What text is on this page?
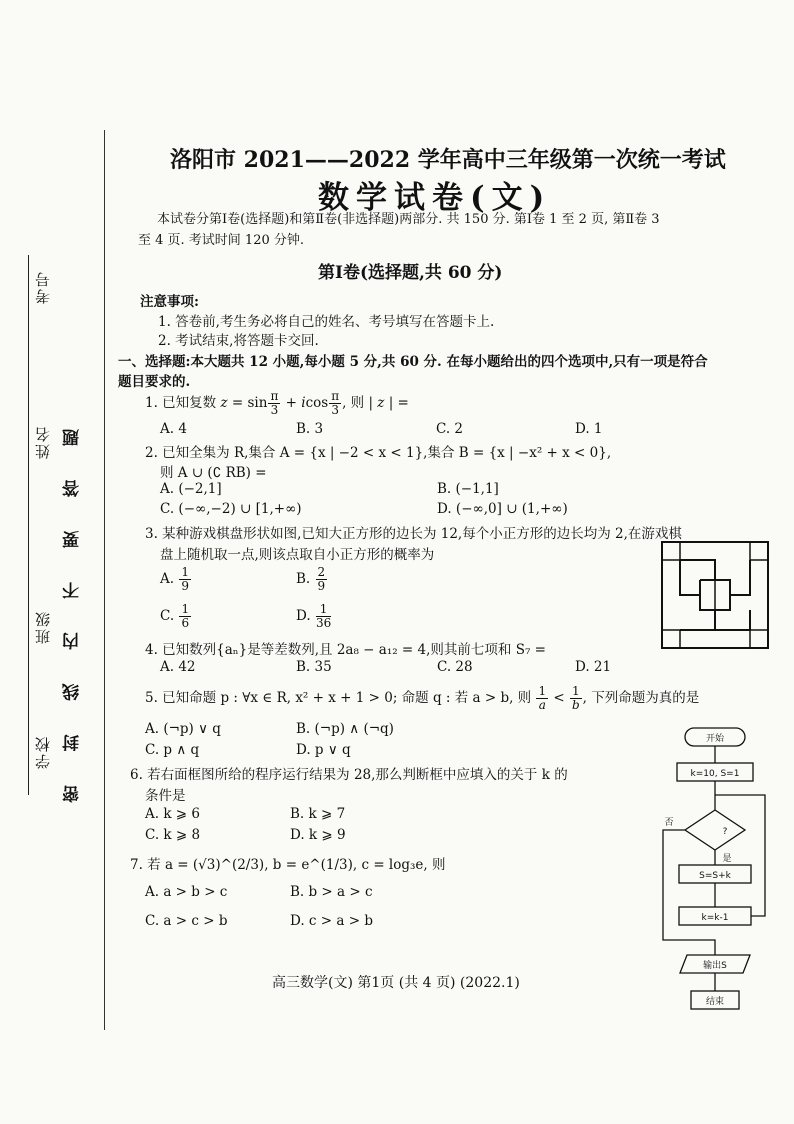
考号
姓名
班级
学校 密 封 线 内 不 要 答 题
洛阳市 2021——2022 学年高中三年级第一次统一考试
数学试卷(文)
本试卷分第Ⅰ卷(选择题)和第Ⅱ卷(非选择题)两部分. 共 150 分. 第Ⅰ卷 1 至 2 页, 第Ⅱ卷 3
至 4 页. 考试时间 120 分钟.
第Ⅰ卷(选择题,共 60 分)
注意事项:
1. 答卷前,考生务必将自己的姓名、考号填写在答题卡上.
2. 考试结束,将答题卡交回.
一、选择题:本大题共 12 小题,每小题 5 分,共 60 分. 在每小题给出的四个选项中,只有一项是符合
题目要求的.
1. 已知复数 $z = \sin \frac{\pi}{3} + icos \frac{\pi}{3}$ , 则 | z | =
A. 4	B. 3	C. 2	D. 1
2. 已知全集为 R,集合 A = {x | −2 < x < 1},集合 B = {x | −x² + x < 0},
则 A ∪ (∁ RB) =
A. (−2,1]	B. (−1,1]
C. (−∞,−2) ∪ [1,+∞)	D. (−∞,0] ∪ (1,+∞)
3. 某种游戏棋盘形状如图,已知大正方形的边长为 12,每个小正方形的边长均为 2,在游戏棋
盘上随机取一点,则该点取自小正方形的概率为
A. $\frac{1}{9}$	B. $\frac{2}{9}$
C. $\frac{1}{6}$	D. $\frac{1}{36}$
4. 已知数列{aₙ}是等差数列,且 2a₈ − a₁₂ = 4,则其前七项和 S₇ =
A. 42	B. 35	C. 28	D. 21
5. 已知命题 p : ∀x ∈ R, x² + x + 1 > 0; 命题 q : 若 a > b, 则 $\frac{1}{a} < \frac{1}{b}$ , 下列命题为真的是
A. (¬p) ∨ q	B. (¬p) ∧ (¬q)
C. p ∧ q	D. p ∨ q
6. 若右面框图所给的程序运行结果为 28,那么判断框中应填入的关于 k 的
条件是
A. k ⩾ 6	B. k ⩾ 7
C. k ⩾ 8	D. k ⩾ 9
7. 若 a = (√3)^(2/3), b = e^(1/3), c = log₃e, 则
A. a > b > c	B. b > a > c
C. a > c > b	D. c > a > b
开始
k=10, S=1
?
否
是
S=S+k
k=k-1
输出S
结束
高三数学(文) 第1页 (共 4 页) (2022.1)
